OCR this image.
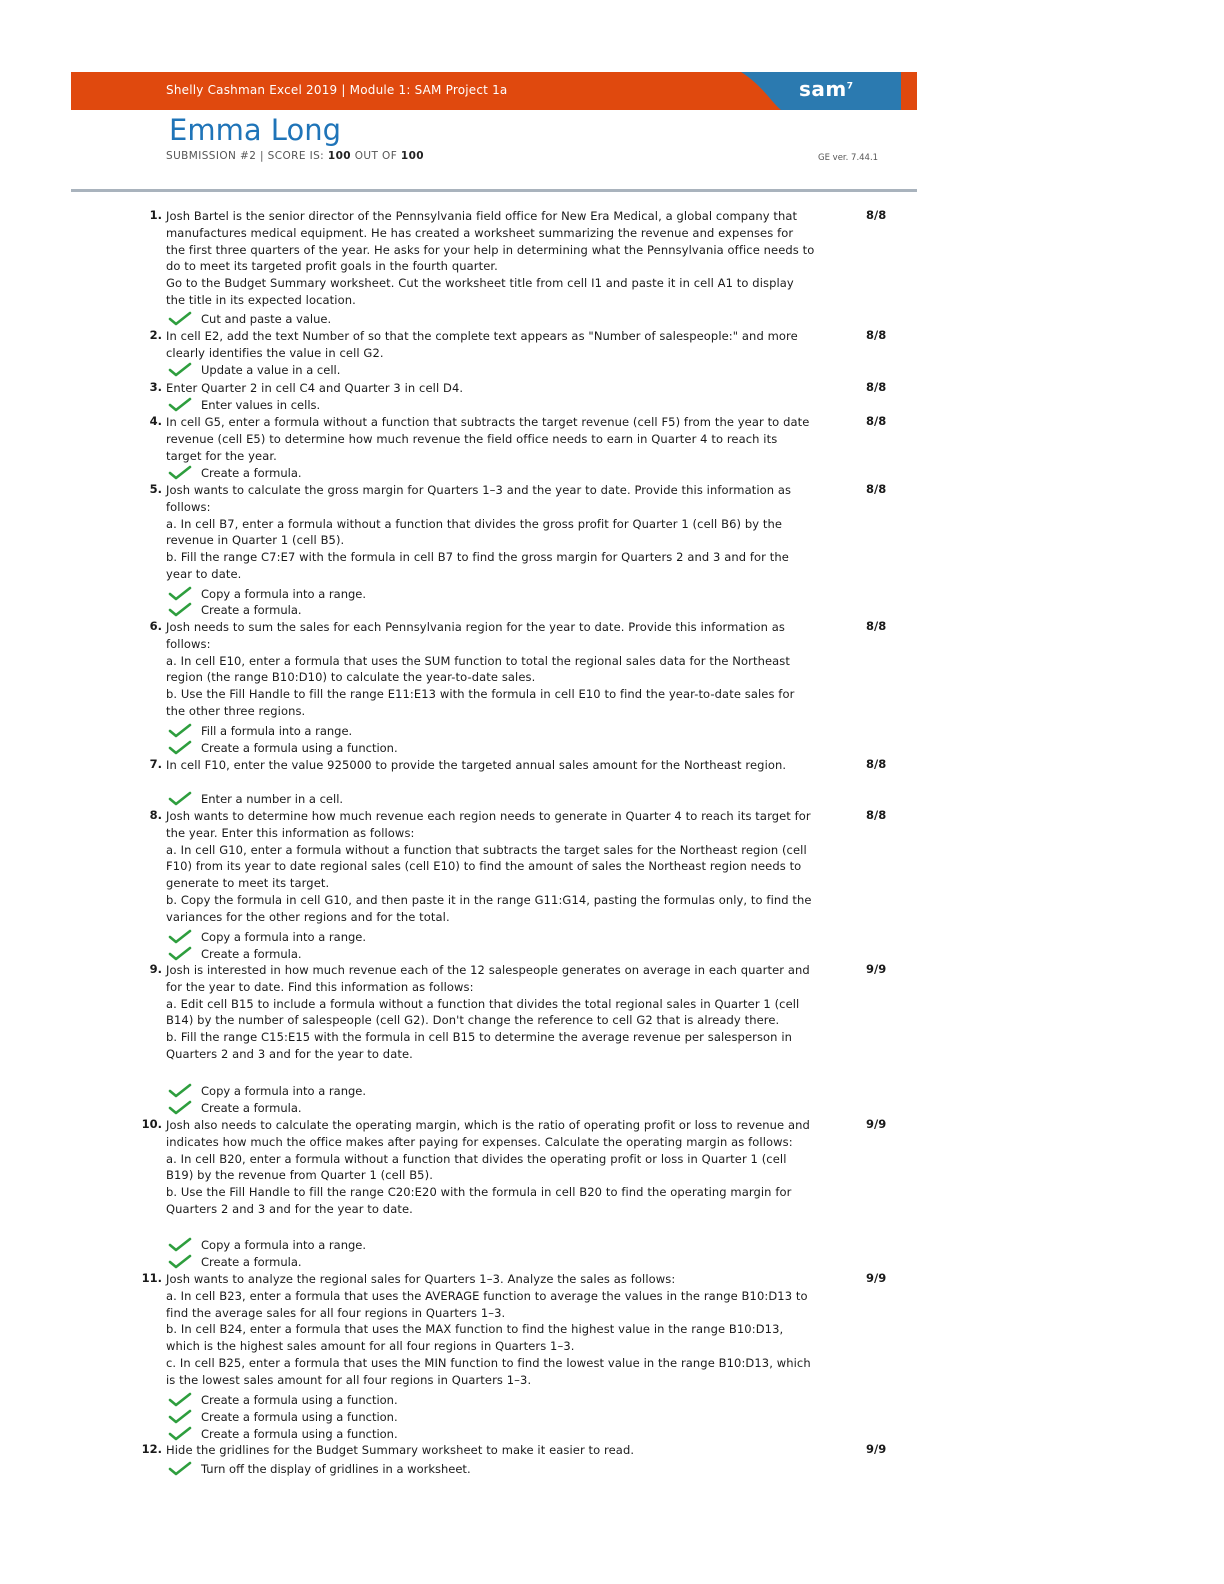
Shelly Cashman Excel 2019 | Module 1: SAM Project 1a	sam$^7$
Emma Long
SUBMISSION #2 | SCORE IS: 100 OUT OF 100	GE ver. 7.44.1
1. Josh Bartel is the senior director of the Pennsylvania field office for New Era Medical, a global company that manufactures medical equipment. He has created a worksheet summarizing the revenue and expenses for the first three quarters of the year. He asks for your help in determining what the Pennsylvania office needs to do to meet its targeted profit goals in the fourth quarter.
Go to the Budget Summary worksheet. Cut the worksheet title from cell I1 and paste it in cell A1 to display the title in its expected location.
8/8
Cut and paste a value.
2. In cell E2, add the text Number of so that the complete text appears as "Number of salespeople:" and more clearly identifies the value in cell G2.
8/8
Update a value in a cell.
3. Enter Quarter 2 in cell C4 and Quarter 3 in cell D4.	8/8
Enter values in cells.
4. In cell G5, enter a formula without a function that subtracts the target revenue (cell F5) from the year to date revenue (cell E5) to determine how much revenue the field office needs to earn in Quarter 4 to reach its target for the year.
8/8
Create a formula.
5. Josh wants to calculate the gross margin for Quarters 1–3 and the year to date. Provide this information as follows:
a. In cell B7, enter a formula without a function that divides the gross profit for Quarter 1 (cell B6) by the revenue in Quarter 1 (cell B5).
b. Fill the range C7:E7 with the formula in cell B7 to find the gross margin for Quarters 2 and 3 and for the year to date.
8/8
Copy a formula into a range.
Create a formula.
6. Josh needs to sum the sales for each Pennsylvania region for the year to date. Provide this information as follows:
a. In cell E10, enter a formula that uses the SUM function to total the regional sales data for the Northeast region (the range B10:D10) to calculate the year-to-date sales.
b. Use the Fill Handle to fill the range E11:E13 with the formula in cell E10 to find the year-to-date sales for the other three regions.
8/8
Fill a formula into a range.
Create a formula using a function.
7. In cell F10, enter the value 925000 to provide the targeted annual sales amount for the Northeast region.	8/8
Enter a number in a cell.
8. Josh wants to determine how much revenue each region needs to generate in Quarter 4 to reach its target for the year. Enter this information as follows:
a. In cell G10, enter a formula without a function that subtracts the target sales for the Northeast region (cell F10) from its year to date regional sales (cell E10) to find the amount of sales the Northeast region needs to generate to meet its target.
b. Copy the formula in cell G10, and then paste it in the range G11:G14, pasting the formulas only, to find the variances for the other regions and for the total.
8/8
Copy a formula into a range.
Create a formula.
9. Josh is interested in how much revenue each of the 12 salespeople generates on average in each quarter and for the year to date. Find this information as follows:
a. Edit cell B15 to include a formula without a function that divides the total regional sales in Quarter 1 (cell B14) by the number of salespeople (cell G2). Don't change the reference to cell G2 that is already there.
b. Fill the range C15:E15 with the formula in cell B15 to determine the average revenue per salesperson in Quarters 2 and 3 and for the year to date.
9/9
Copy a formula into a range.
Create a formula.
10. Josh also needs to calculate the operating margin, which is the ratio of operating profit or loss to revenue and indicates how much the office makes after paying for expenses. Calculate the operating margin as follows:
a. In cell B20, enter a formula without a function that divides the operating profit or loss in Quarter 1 (cell B19) by the revenue from Quarter 1 (cell B5).
b. Use the Fill Handle to fill the range C20:E20 with the formula in cell B20 to find the operating margin for Quarters 2 and 3 and for the year to date.
9/9
Copy a formula into a range.
Create a formula.
11. Josh wants to analyze the regional sales for Quarters 1–3. Analyze the sales as follows:
a. In cell B23, enter a formula that uses the AVERAGE function to average the values in the range B10:D13 to find the average sales for all four regions in Quarters 1–3.
b. In cell B24, enter a formula that uses the MAX function to find the highest value in the range B10:D13, which is the highest sales amount for all four regions in Quarters 1–3.
c. In cell B25, enter a formula that uses the MIN function to find the lowest value in the range B10:D13, which is the lowest sales amount for all four regions in Quarters 1–3.
9/9
Create a formula using a function.
Create a formula using a function.
Create a formula using a function.
12. Hide the gridlines for the Budget Summary worksheet to make it easier to read.	9/9
Turn off the display of gridlines in a worksheet.
